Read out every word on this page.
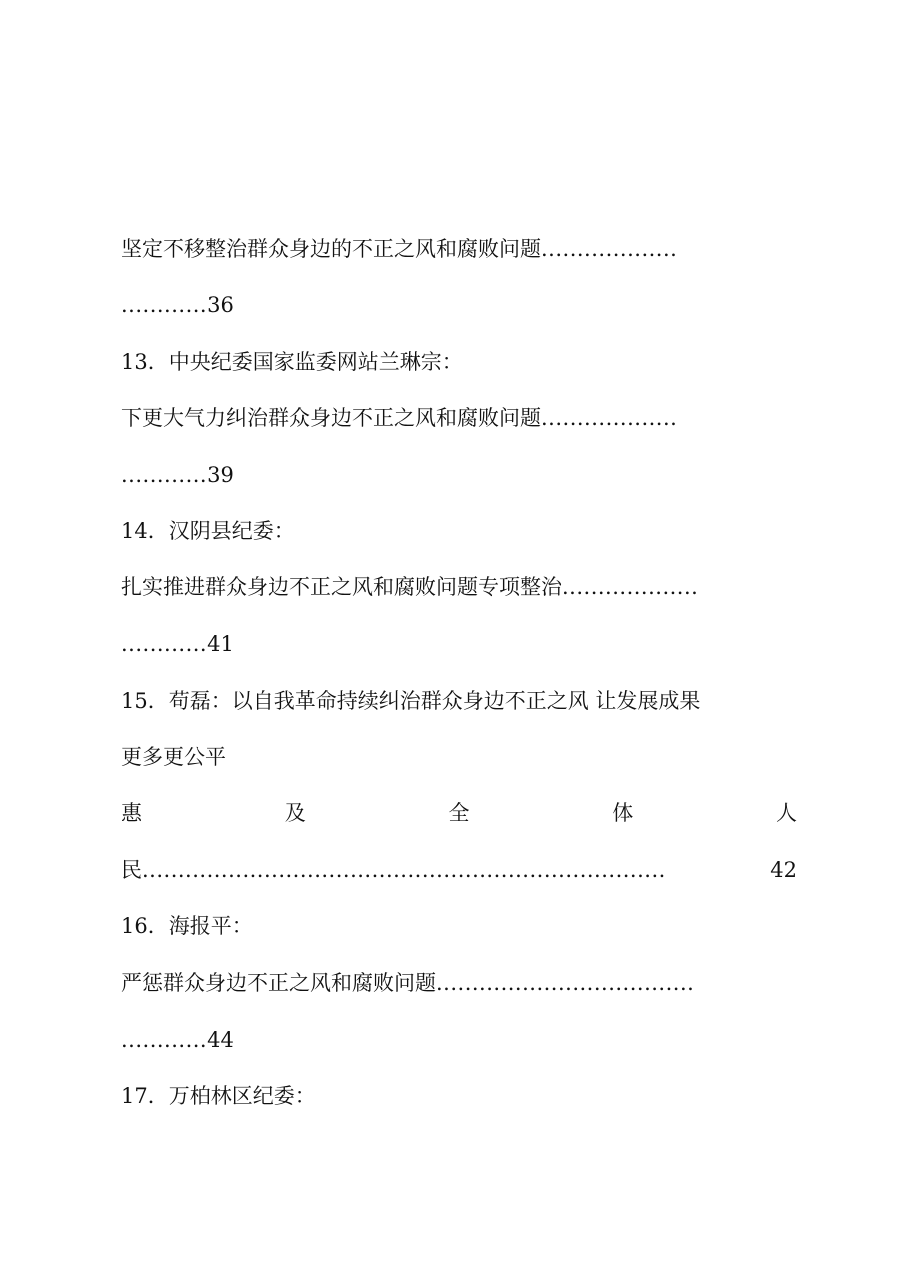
坚定不移整治群众身边的不正之风和腐败问题...................
............36
13．中央纪委国家监委网站兰琳宗：
下更大气力纠治群众身边不正之风和腐败问题...................
............39
14．汉阴县纪委：
扎实推进群众身边不正之风和腐败问题专项整治...................
............41
15．苟磊：以自我革命持续纠治群众身边不正之风 让发展成果
更多更公平
惠	及	全	体	人
民 .........................................................................	42
16．海报平：
严惩群众身边不正之风和腐败问题....................................
............44
17．万柏林区纪委：
